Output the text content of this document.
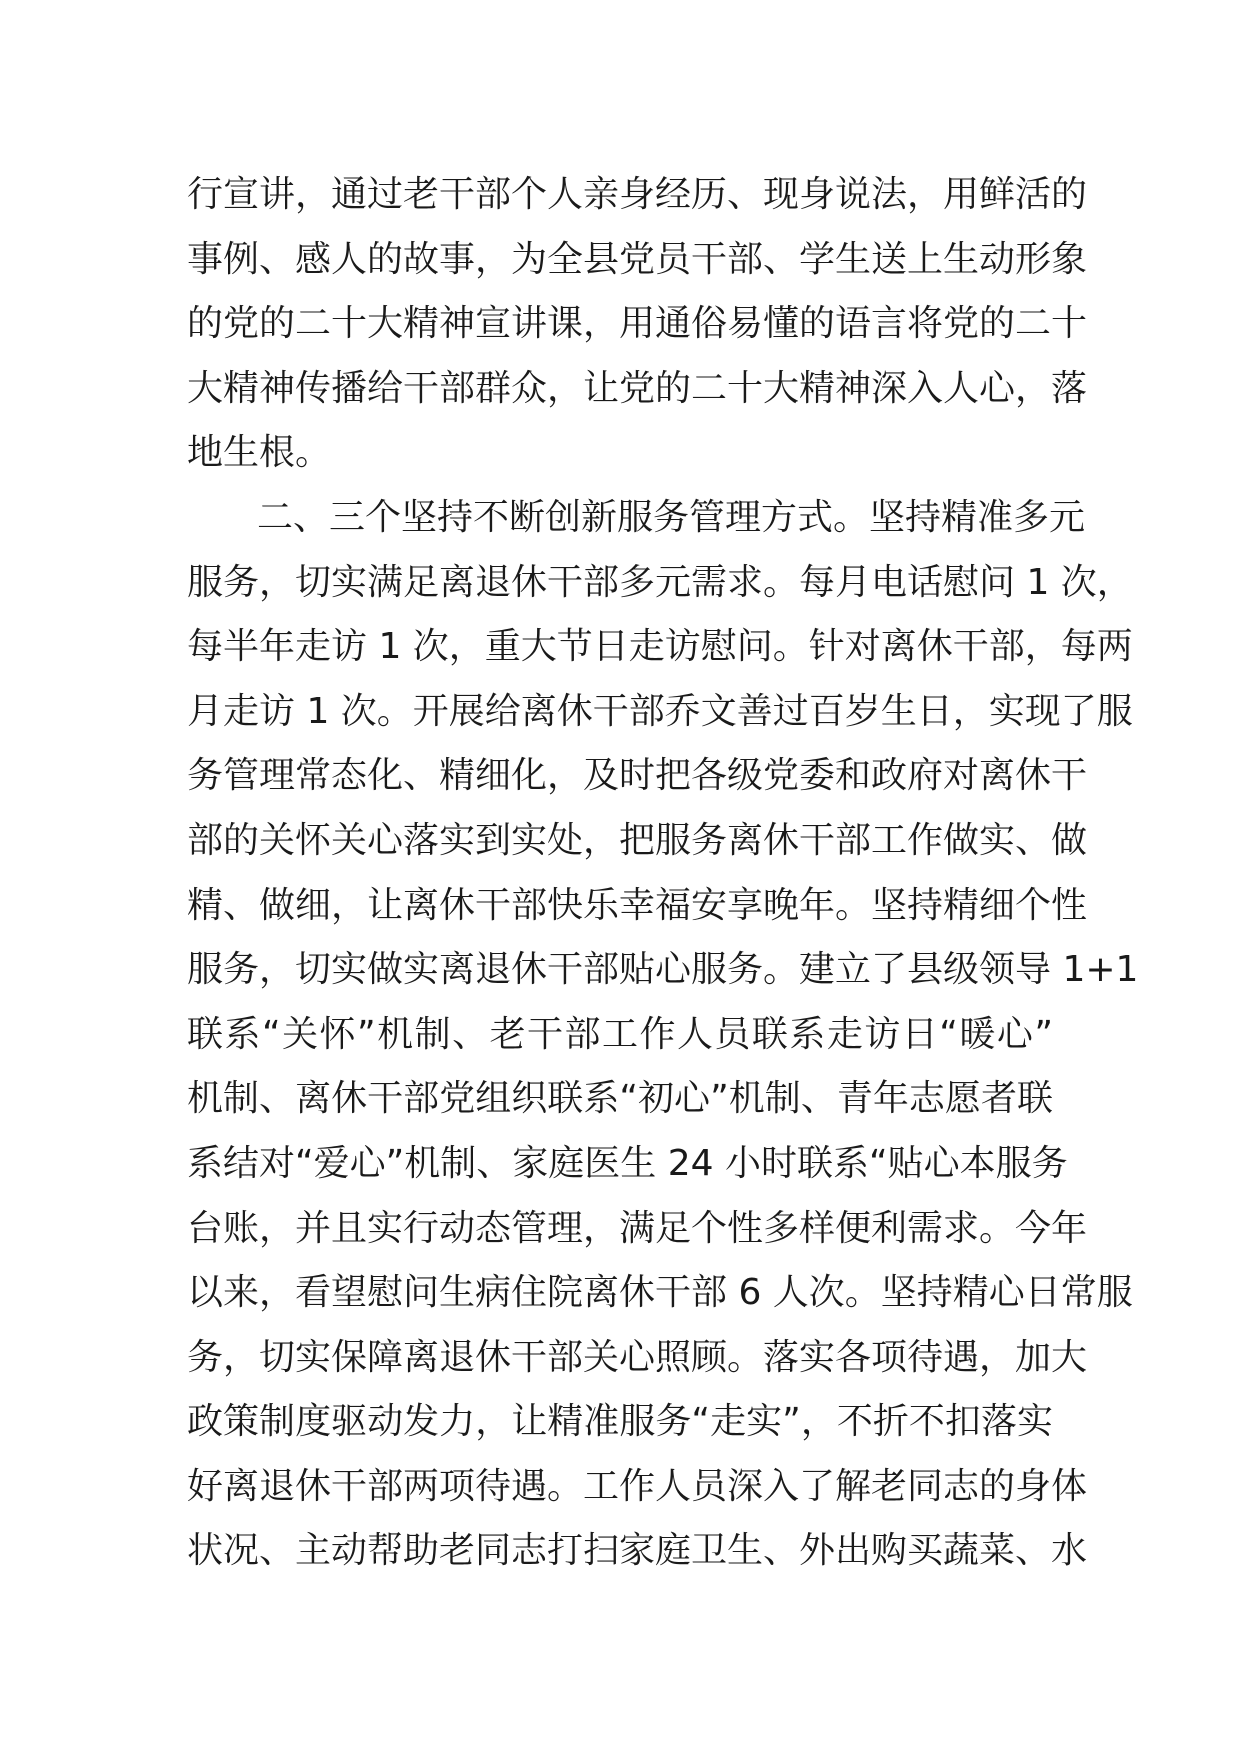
行宣讲，通过老干部个人亲身经历、现身说法，用鲜活的
事例、感人的故事，为全县党员干部、学生送上生动形象
的党的二十大精神宣讲课，用通俗易懂的语言将党的二十
大精神传播给干部群众，让党的二十大精神深入人心，落
地生根。
二、三个坚持不断创新服务管理方式。坚持精准多元
服务，切实满足离退休干部多元需求。每月电话慰问 1 次，
每半年走访 1 次，重大节日走访慰问。针对离休干部，每两
月走访 1 次。开展给离休干部乔文善过百岁生日，实现了服
务管理常态化、精细化，及时把各级党委和政府对离休干
部的关怀关心落实到实处，把服务离休干部工作做实、做
精、做细，让离休干部快乐幸福安享晚年。坚持精细个性
服务，切实做实离退休干部贴心服务。建立了县级领导 1+1
联系“关怀”机制、老干部工作人员联系走访日“暖心”
机制、离休干部党组织联系“初心”机制、青年志愿者联
系结对“爱心”机制、家庭医生 24 小时联系“贴心本服务
台账，并且实行动态管理，满足个性多样便利需求。今年
以来，看望慰问生病住院离休干部 6 人次。坚持精心日常服
务，切实保障离退休干部关心照顾。落实各项待遇，加大
政策制度驱动发力，让精准服务“走实”，不折不扣落实
好离退休干部两项待遇。工作人员深入了解老同志的身体
状况、主动帮助老同志打扫家庭卫生、外出购买蔬菜、水
